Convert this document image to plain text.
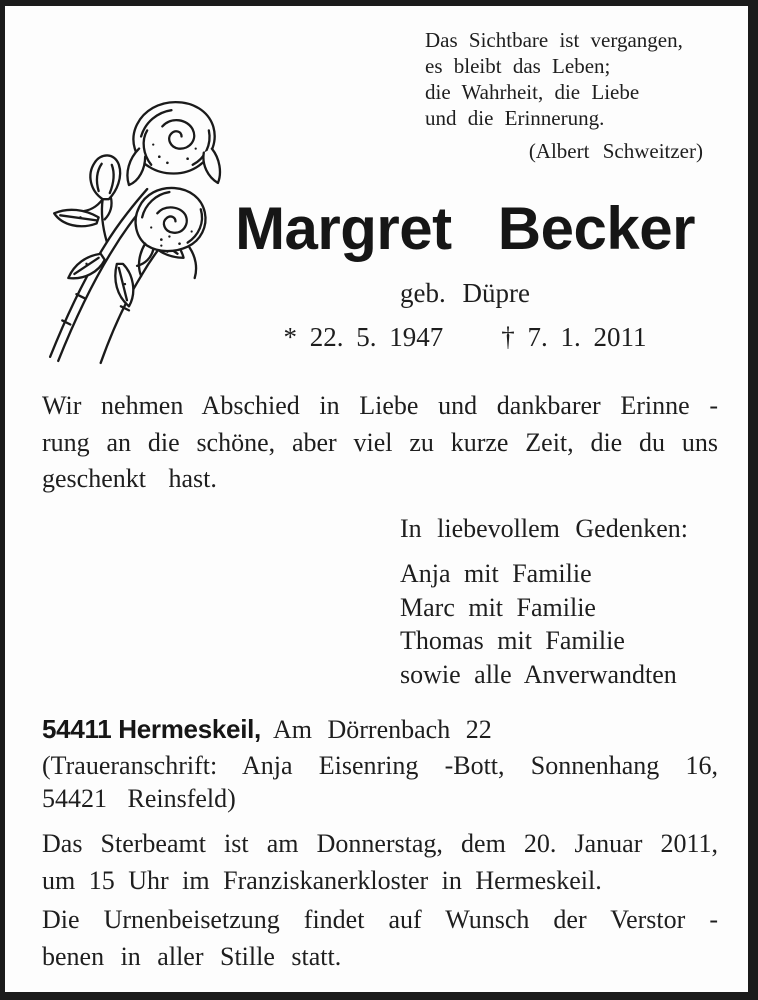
Das Sichtbare ist vergangen,
es bleibt das Leben;
die Wahrheit, die Liebe
und die Erinnerung.
(Albert Schweitzer)
Margret Becker
geb. Düpre
* 22. 5. 1947 † 7. 1. 2011
Wir nehmen Abschied in Liebe und dankbarer Erinne -
rung an die schöne, aber viel zu kurze Zeit, die du uns
geschenkt hast.
In liebevollem Gedenken:
Anja mit Familie
Marc mit Familie
Thomas mit Familie
sowie alle Anverwandten
54411 Hermeskeil, Am Dörrenbach 22
(Traueranschrift: Anja Eisenring -Bott, Sonnenhang 16,
54421 Reinsfeld)
Das Sterbeamt ist am Donnerstag, dem 20. Januar 2011,
um 15 Uhr im Franziskanerkloster in Hermeskeil.
Die Urnenbeisetzung findet auf Wunsch der Verstor -
benen in aller Stille statt.
